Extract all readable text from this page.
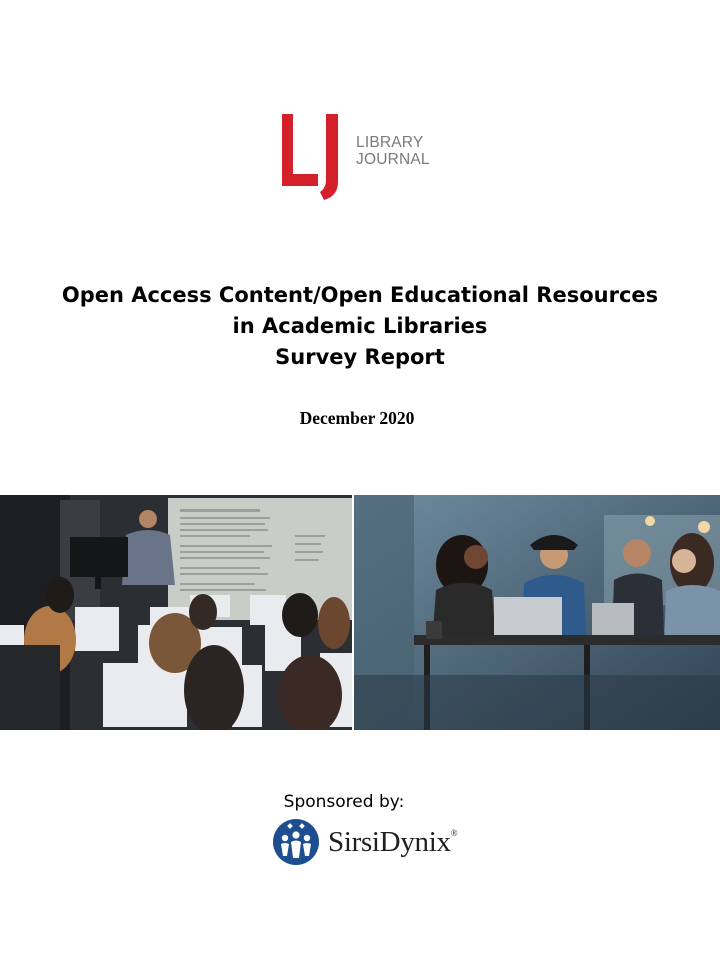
LIBRARY
JOURNAL
Open Access Content/Open Educational Resources
in Academic Libraries
Survey Report
December 2020
Sponsored by:
SirsiDynix®
